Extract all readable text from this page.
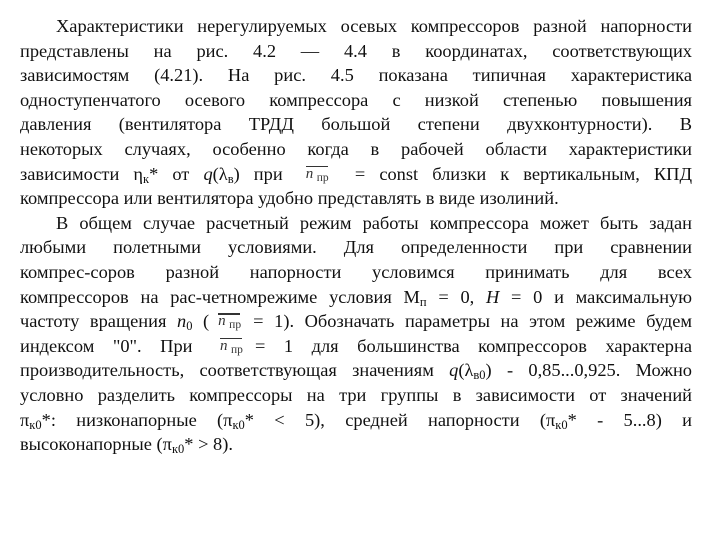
Характеристики нерегулируемых осевых компрессоров разной напорности
представлены на рис. 4.2 — 4.4 в координатах, соответствующих
зависимостям (4.21). На рис. 4.5 показана типичная характеристика
одноступенчатого осевого компрессора с низкой степенью повышения
давления (вентилятора ТРДД большой степени двухконтурности). В
некоторых случаях, особенно когда в рабочей области характеристики
зависимости $\eta_к*$ от $q(\lambda_в)$ при n пр = const близки к вертикальным, КПД
компрессора или вентилятора удобно представлять в виде изолиний.
В общем случае расчетный режим работы компрессора может быть задан
любыми полетными условиями. Для определенности при сравнении
компрес-соров разной напорности условимся принимать для всех
компрессоров на рас-четномрежиме условия $М_п = 0$, Н = 0 и максимальную
частоту вращения $n_0$ ( n пр = 1). Обозначать параметры на этом режиме будем
индексом "0". При n пр = 1 для большинства компрессоров характерна
производительность, соответствующая значениям $q(\lambda_{в0}) - 0,85...0,925$. Можно
условно разделить компрессоры на три группы в зависимости от значений
$\pi_{к0}*$: низконапорные $(\pi_{к0}* < 5)$, средней напорности $(\pi_{к0}* - 5...8)$ и
высоконапорные $(\pi_{к0}* > 8)$.
